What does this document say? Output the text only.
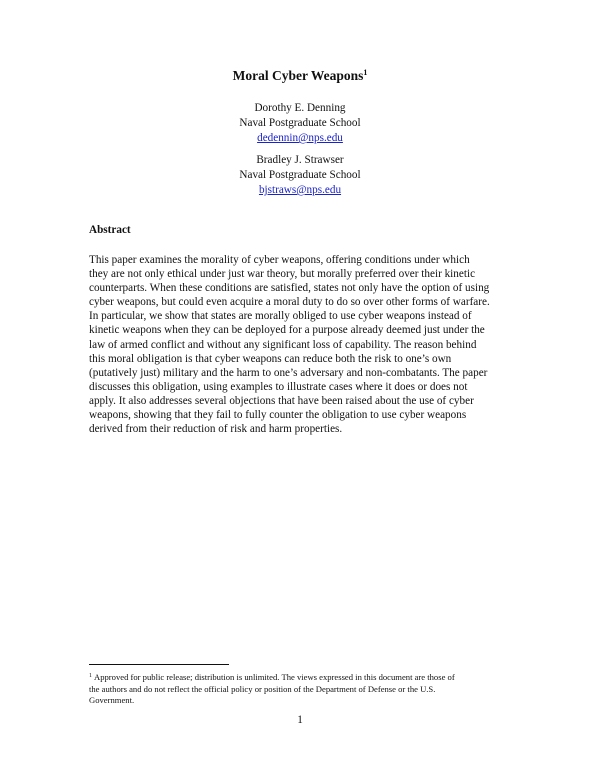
Moral Cyber Weapons$^1$
Dorothy E. Denning
Naval Postgraduate School
dedennin@nps.edu
Bradley J. Strawser
Naval Postgraduate School
bjstraws@nps.edu
Abstract
This paper examines the morality of cyber weapons, offering conditions under which
they are not only ethical under just war theory, but morally preferred over their kinetic
counterparts. When these conditions are satisfied, states not only have the option of using
cyber weapons, but could even acquire a moral duty to do so over other forms of warfare.
In particular, we show that states are morally obliged to use cyber weapons instead of
kinetic weapons when they can be deployed for a purpose already deemed just under the
law of armed conflict and without any significant loss of capability. The reason behind
this moral obligation is that cyber weapons can reduce both the risk to one’s own
(putatively just) military and the harm to one’s adversary and non-combatants. The paper
discusses this obligation, using examples to illustrate cases where it does or does not
apply. It also addresses several objections that have been raised about the use of cyber
weapons, showing that they fail to fully counter the obligation to use cyber weapons
derived from their reduction of risk and harm properties.
$^1$ Approved for public release; distribution is unlimited. The views expressed in this document are those of
the authors and do not reflect the official policy or position of the Department of Defense or the U.S.
Government.
1
